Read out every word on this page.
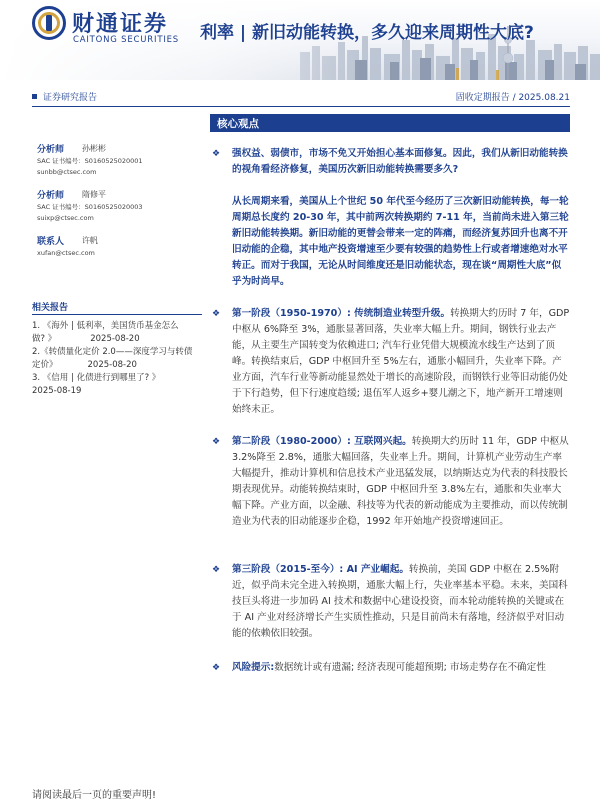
财通证券
CAITONG SECURITIES 利率 | 新旧动能转换，多久迎来周期性大底?
证券研究报告	固收定期报告 / 2025.08.21
分析师 孙彬彬
SAC 证书编号：S0160525020001
sunbb@ctsec.com
分析师 隋修平
SAC 证书编号：S0160525020003
suixp@ctsec.com
联系人 许帆
xufan@ctsec.com
相关报告
1. 《海外 | 低利率，美国货币基金怎么
做? 》	2025-08-20
2.《转债量化定价 2.0——深度学习与转债
定价》	2025-08-20
3. 《信用 | 化债进行到哪里了? 》
2025-08-19
核心观点
❖	强权益、弱债市，市场不免又开始担心基本面修复。因此，我们从新旧动能转换的视角看经济修复，美国历次新旧动能转换需要多久?
从长周期来看，美国从上个世纪 50 年代至今经历了三次新旧动能转换，每一轮周期总长度约 20-30 年，其中前两次转换期约 7-11 年，当前尚未进入第三轮新旧动能转换期。新旧动能的更替会带来一定的阵痛，而经济复苏回升也离不开旧动能的企稳，其中地产投资增速至少要有较强的趋势性上行或者增速绝对水平转正。而对于我国，无论从时间维度还是旧动能状态，现在谈“周期性大底”似乎为时尚早。
❖	第一阶段（1950-1970）: 传统制造业转型升级。转换期大约历时 7 年，GDP 中枢从 6%降至 3%，通胀显著回落，失业率大幅上升。期间，钢铁行业去产能，从主要生产国转变为依赖进口; 汽车行业凭借大规模流水线生产达到了顶峰。转换结束后，GDP 中枢回升至 5%左右，通胀小幅回升，失业率下降。产业方面，汽车行业等新动能显然处于增长的高速阶段，而钢铁行业等旧动能仍处于下行趋势，但下行速度趋缓; 退伍军人返乡+婴儿潮之下，地产新开工增速则始终未正。
❖	第二阶段（1980-2000）: 互联网兴起。转换期大约历时 11 年，GDP 中枢从 3.2%降至 2.8%，通胀大幅回落，失业率上升。期间，计算机产业劳动生产率大幅提升，推动计算机和信息技术产业迅猛发展，以纳斯达克为代表的科技股长期表现优异。动能转换结束时，GDP 中枢回升至 3.8%左右，通胀和失业率大幅下降。产业方面，以金融、科技等为代表的新动能成为主要推动，而以传统制造业为代表的旧动能逐步企稳，1992 年开始地产投资增速回正。
❖	第三阶段（2015-至今）: AI 产业崛起。转换前，美国 GDP 中枢在 2.5%附近，似乎尚未完全进入转换期，通胀大幅上行，失业率基本平稳。未来，美国科技巨头将进一步加码 AI 技术和数据中心建设投资，而本轮动能转换的关键或在于 AI 产业对经济增长产生实质性推动，只是目前尚未有落地，经济似乎对旧动能的依赖依旧较强。
❖	风险提示:数据统计或有遗漏; 经济表现可能超预期; 市场走势存在不确定性
请阅读最后一页的重要声明!
